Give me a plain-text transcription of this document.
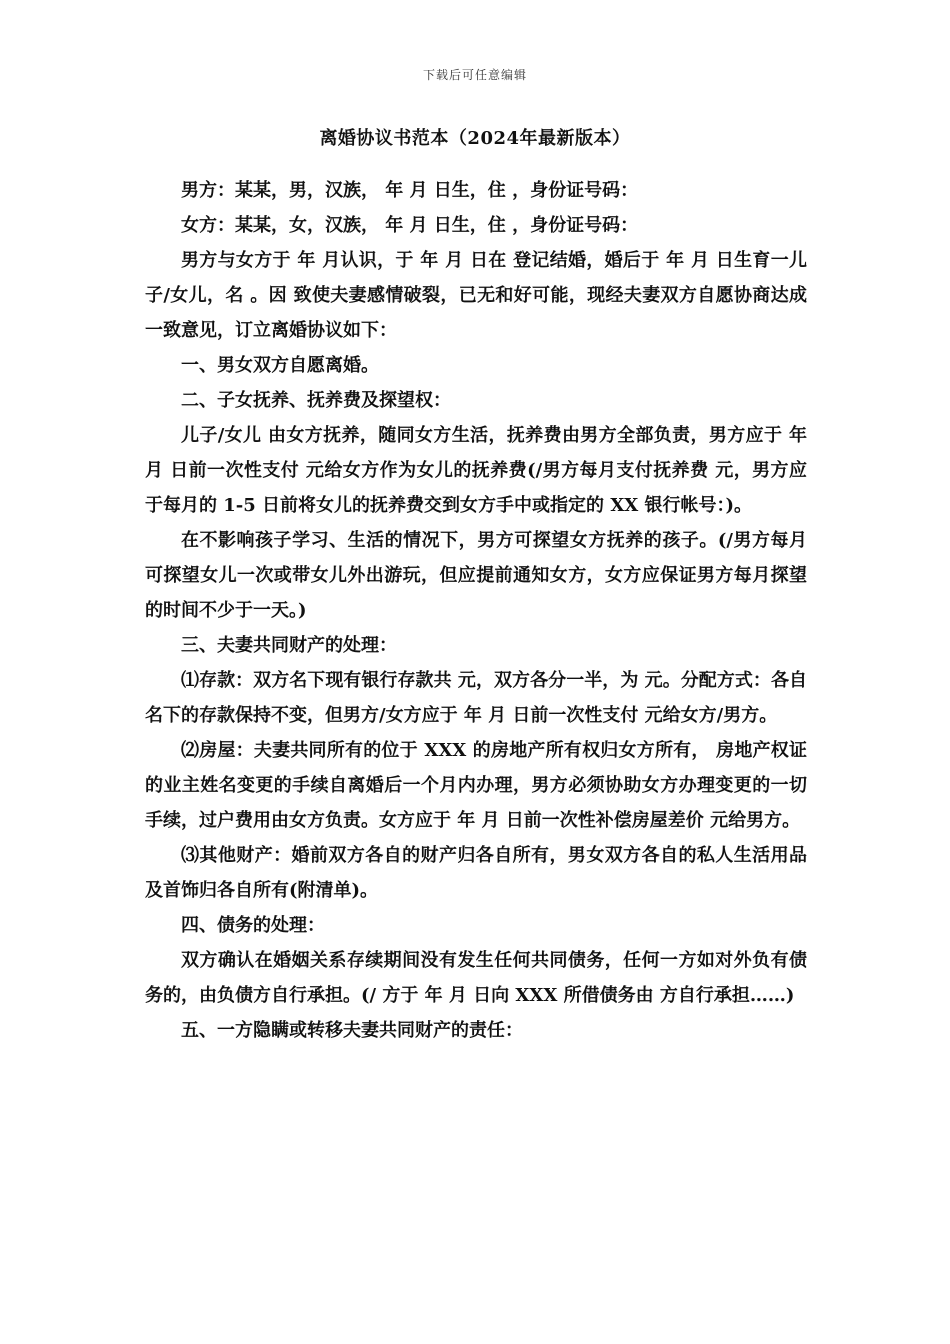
下载后可任意编辑
离婚协议书范本（2024年最新版本）

男方：某某，男，汉族， 年 月 日生，住 ，身份证号码：

女方：某某，女，汉族， 年 月 日生，住 ，身份证号码：

男方与女方于 年 月认识，于 年 月 日在 登记结婚，婚后于 年 月 日生育一儿子/女儿，名 。因 致使夫妻感情破裂，已无和好可能，现经夫妻双方自愿协商达成一致意见，订立离婚协议如下：

一、男女双方自愿离婚。

二、子女抚养、抚养费及探望权：

儿子/女儿 由女方抚养，随同女方生活，抚养费由男方全部负责，男方应于 年 月 日前一次性支付 元给女方作为女儿的抚养费(/男方每月支付抚养费 元，男方应于每月的 1-5 日前将女儿的抚养费交到女方手中或指定的 XX 银行帐号：)。

在不影响孩子学习、生活的情况下，男方可探望女方抚养的孩子。(/男方每月可探望女儿一次或带女儿外出游玩，但应提前通知女方，女方应保证男方每月探望的时间不少于一天。)

三、夫妻共同财产的处理：

⑴存款：双方名下现有银行存款共 元，双方各分一半，为 元。分配方式：各自名下的存款保持不变，但男方/女方应于 年 月 日前一次性支付 元给女方/男方。

⑵房屋：夫妻共同所有的位于 XXX 的房地产所有权归女方所有， 房地产权证的业主姓名变更的手续自离婚后一个月内办理，男方必须协助女方办理变更的一切手续，过户费用由女方负责。女方应于 年 月 日前一次性补偿房屋差价 元给男方。

⑶其他财产：婚前双方各自的财产归各自所有，男女双方各自的私人生活用品及首饰归各自所有(附清单)。

四、债务的处理：

双方确认在婚姻关系存续期间没有发生任何共同债务，任何一方如对外负有债务的，由负债方自行承担。(/ 方于 年 月 日向 XXX 所借债务由 方自行承担……)

五、一方隐瞒或转移夫妻共同财产的责任：
